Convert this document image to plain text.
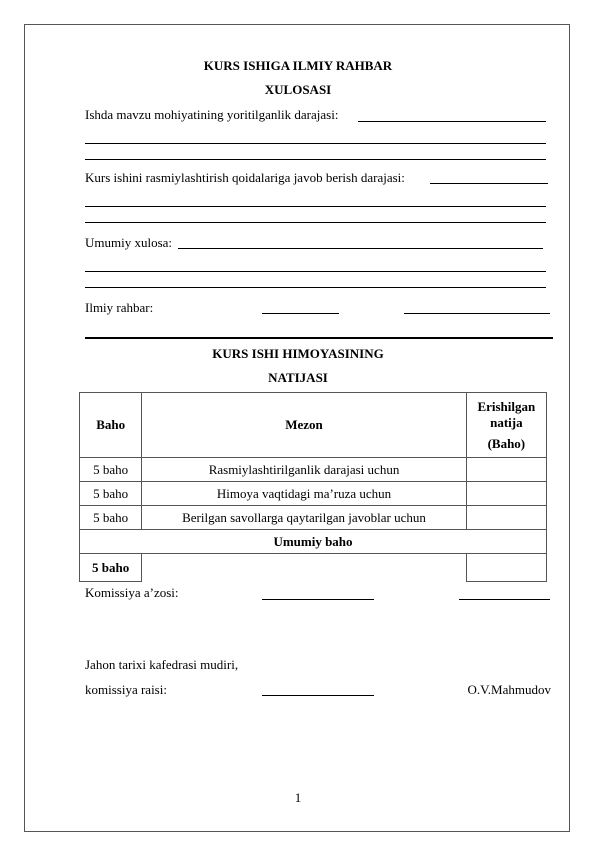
KURS ISHIGA ILMIY RAHBAR
XULOSASI
Ishda mavzu mohiyatining yoritilganlik darajasi:
Kurs ishini rasmiylashtirish qoidalariga javob berish darajasi:
Umumiy xulosa:
Ilmiy rahbar:
KURS ISHI HIMOYASINING
NATIJASI
Baho	Mezon	Erishilgan
natija
(Baho)

5 baho	Rasmiylashtirilganlik darajasi uchun	
5 baho	Himoya vaqtidagi ma’ruza uchun	
5 baho	Berilgan savollarga qaytarilgan javoblar uchun	
Umumiy baho		
5 baho		
Komissiya a’zosi:
Jahon tarixi kafedrasi mudiri,
komissiya raisi:	O.V.Mahmudov
1
